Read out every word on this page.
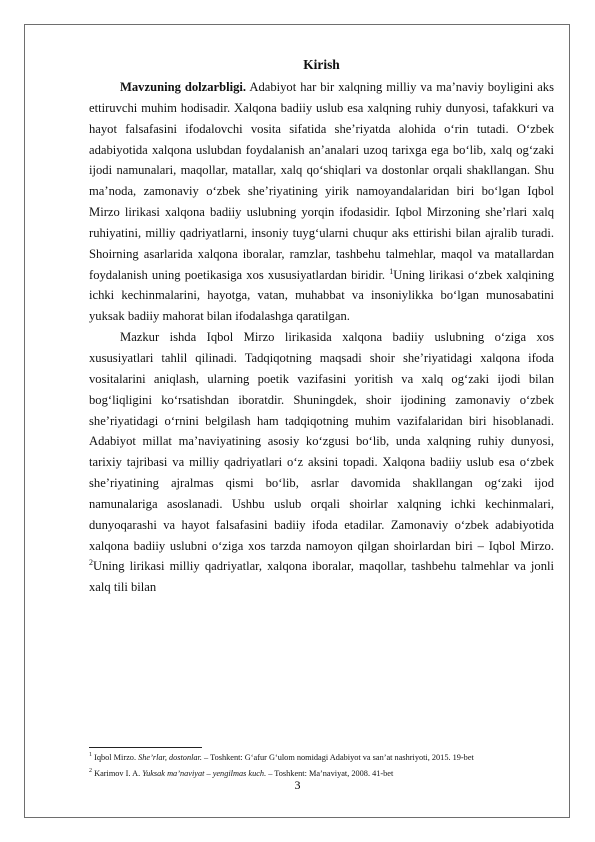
Kirish

Mavzuning dolzarbligi. Adabiyot har bir xalqning milliy va ma’naviy boyligini aks ettiruvchi muhim hodisadir. Xalqona badiiy uslub esa xalqning ruhiy dunyosi, tafakkuri va hayot falsafasini ifodalovchi vosita sifatida she’riyatda alohida o‘rin tutadi. O‘zbek adabiyotida xalqona uslubdan foydalanish an’analari uzoq tarixga ega bo‘lib, xalq og‘zaki ijodi namunalari, maqollar, matallar, xalq qo‘shiqlari va dostonlar orqali shakllangan. Shu ma’noda, zamonaviy o‘zbek she’riyatining yirik namoyandalaridan biri bo‘lgan Iqbol Mirzo lirikasi xalqona badiiy uslubning yorqin ifodasidir. Iqbol Mirzoning she’rlari xalq ruhiyatini, milliy qadriyatlarni, insoniy tuyg‘ularni chuqur aks ettirishi bilan ajralib turadi. Shoirning asarlarida xalqona iboralar, ramzlar, tashbehu talmehlar, maqol va matallardan foydalanish uning poetikasiga xos xususiyatlardan biridir. $^1$Uning lirikasi o‘zbek xalqining ichki kechinmalarini, hayotga, vatan, muhabbat va insoniylikka bo‘lgan munosabatini yuksak badiiy mahorat bilan ifodalashga qaratilgan.

Mazkur ishda Iqbol Mirzo lirikasida xalqona badiiy uslubning o‘ziga xos xususiyatlari tahlil qilinadi. Tadqiqotning maqsadi shoir she’riyatidagi xalqona ifoda vositalarini aniqlash, ularning poetik vazifasini yoritish va xalq og‘zaki ijodi bilan bog‘liqligini ko‘rsatishdan iboratdir. Shuningdek, shoir ijodining zamonaviy o‘zbek she’riyatidagi o‘rnini belgilash ham tadqiqotning muhim vazifalaridan biri hisoblanadi. Adabiyot millat ma’naviyatining asosiy ko‘zgusi bo‘lib, unda xalqning ruhiy dunyosi, tarixiy tajribasi va milliy qadriyatlari o‘z aksini topadi. Xalqona badiiy uslub esa o‘zbek she’riyatining ajralmas qismi bo‘lib, asrlar davomida shakllangan og‘zaki ijod namunalariga asoslanadi. Ushbu uslub orqali shoirlar xalqning ichki kechinmalari, dunyoqarashi va hayot falsafasini badiiy ifoda etadilar. Zamonaviy o‘zbek adabiyotida xalqona badiiy uslubni o‘ziga xos tarzda namoyon qilgan shoirlardan biri – Iqbol Mirzo. $^2$Uning lirikasi milliy qadriyatlar, xalqona iboralar, maqollar, tashbehu talmehlar va jonli xalq tili bilan

$^1$ Iqbol Mirzo. She’rlar, dostonlar. – Toshkent: G‘afur G‘ulom nomidagi Adabiyot va san’at nashriyoti, 2015. 19-bet
$^2$ Karimov I. A. Yuksak ma’naviyat – yengilmas kuch. – Toshkent: Ma’naviyat, 2008. 41-bet
3
